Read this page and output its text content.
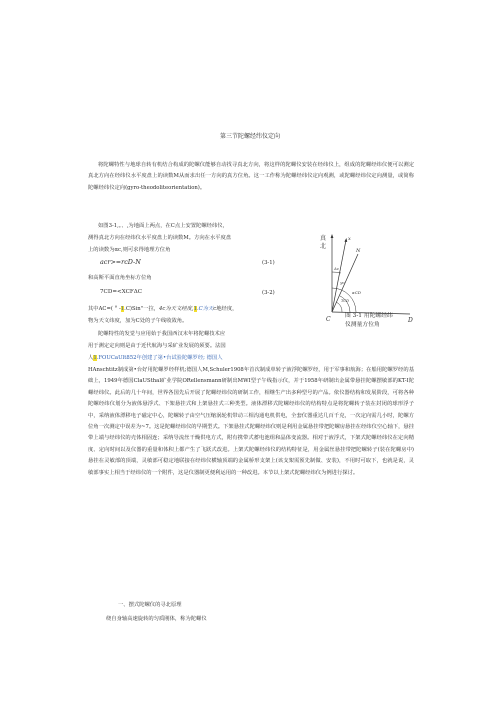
第三节陀螺经纬仪定向

将陀螺特性与地球自转有机结合构成的陀螺仪能够自动找寻真北方向，将这样的陀螺仪安装在经纬仪上，组成的陀螺经纬仪便可以测定真北方向在经纬仪水平度盘上的读数M从而求出任一方向的真方位角。这一工作称为陀螺经纬仪定向观测，或陀螺经纬仪定向测量，或简称陀螺经纬仪定向(gyro-theodoliteorientation)。

如图3-1,。、,为地面上两点，在C点上安置陀螺经纬仪，
测得真北方向在经纬仪水平度盘上的读数M。方向在水平度盘
上的读数为αc,则可求得地理方位角
acr>=rcD-N	(3-1)
和高斯平面直角坐标方位角
7CD=<XCFΔC	(3-2)
其中AC=( ° -1.C)Sin"一拉，4c为天文经度,1.C为天c地经度，
物为天文纬度，加为C处的子午线收敛角。
陀螺特性的发觉与应用始于我国西汉末年将陀螺技术应
用于测定定向则是由于近代航海与采矿业发展的须要。法国
人1.FOUCaUlt852年创建了第•台试验陀螺罗经; 德国人

HAnschtitz制成第•台好用陀螺罗经样机;德国人M,Schuler1908年首次制成单转子液浮陀螺罗经，用于军事和航海；在船用陀螺罗经的基础上，1949年德国ClaUSthal矿业学院ORellensmann研制出MWI型子午线指示仪，并于1958年研制出金属带悬挂陀螺摆敏部的KT-I陀螺经纬仪。此后的几十年间，世界各国先后开展了陀螺经纬仪的研制工作，相继生产出多种型号的产品。依仪器结构和发展阶段，可将各种陀螺经纬仪划分为液体悬浮式、下架悬挂式和上架悬挂式三种类型。液体漂移式陀螺经纬仪的结构特点是将陀螺转子装在封闭的球形浮子中，采纳液体漂移电子磁定中心，陀螺转子由空气压缩涡轮机带动三相沟通电机供电，全套仪器重达几百千克，一次定向需几小时，陀螺方位角一次测定中误差为~7。这是陀螺经纬仪的早期型式。下架悬挂式陀螺经纬仪则是利用金属悬挂带把陀螺房悬挂在经纬仪空心轴下，悬挂带上端与经纬仪的壳体相固连；采纳导流丝干燥供电方式，附有携带式蓄电池组和晶体变流器。相对于液浮式，下架式陀螺经纬仪在定向精度、定向时间以及仪器的重量和体积上都产生了飞跃式改进。上架式陀螺经纬仪的结构特征是，用金属丝悬挂带把陀螺转子(装在陀螺房中)悬挂在灵敏部的顶端，灵敏部可稳定地联接在经纬仪横轴顶端的金属桥形支架上(该支架需预先制做、安装)，不用时可取下，也就是说，灵敏部事实上相当于经纬仪的一个附件，这是仪器制更便利运用的一种改进。本节以上架式陀螺经纬仪为例进行探讨。

一、摆式陀螺仪的寻北原理
绕自身轴高速旋转的匀质刚体，称为陀螺仪
真
北
x
N
Δc
γc
αCD
TCD
C	D
图 3-1 用陀螺经纬
仪测量方位角
